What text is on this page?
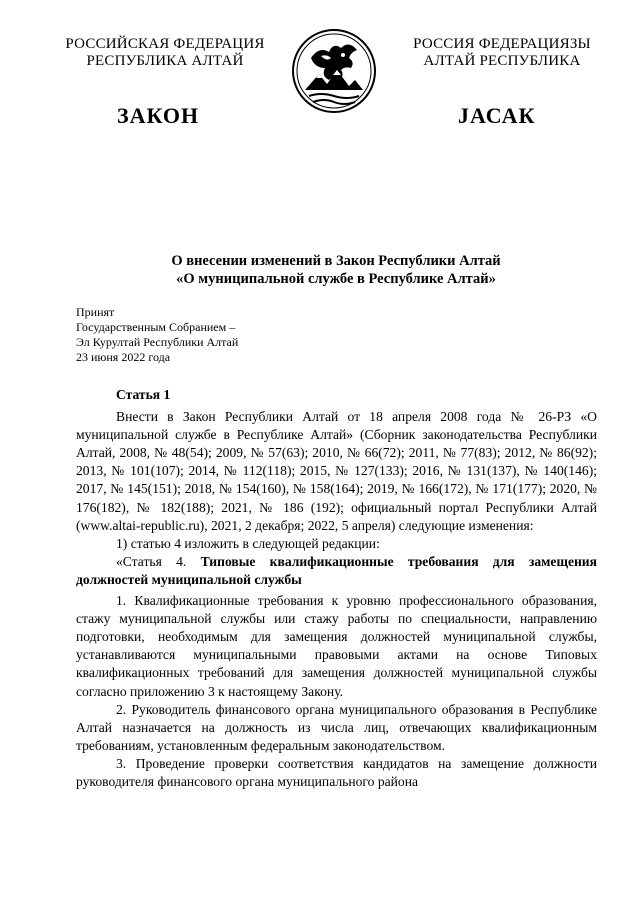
РОССИЙСКАЯ ФЕДЕРАЦИЯ
РЕСПУБЛИКА АЛТАЙ
РОССИЯ ФЕДЕРАЦИЯЗЫ
АЛТАЙ РЕСПУБЛИКА
ЗАКОН	ЈАСАК
О внесении изменений в Закон Республики Алтай
«О муниципальной службе в Республике Алтай»
Принят
Государственным Собранием –
Эл Курултай Республики Алтай
23 июня 2022 года

Статья 1

Внести в Закон Республики Алтай от 18 апреля 2008 года № 26-РЗ «О муниципальной службе в Республике Алтай» (Сборник законодательства Республики Алтай, 2008, № 48(54); 2009, № 57(63); 2010, № 66(72); 2011, № 77(83); 2012, № 86(92); 2013, № 101(107); 2014, № 112(118); 2015, № 127(133); 2016, № 131(137), № 140(146); 2017, № 145(151); 2018, № 154(160), № 158(164); 2019, № 166(172), № 171(177); 2020, № 176(182), № 182(188); 2021, № 186 (192); официальный портал Республики Алтай (www.altai-republic.ru), 2021, 2 декабря; 2022, 5 апреля) следующие изменения:

1) статью 4 изложить в следующей редакции:

«Статья 4. Типовые квалификационные требования для замещения должностей муниципальной службы

1. Квалификационные требования к уровню профессионального образования, стажу муниципальной службы или стажу работы по специальности, направлению подготовки, необходимым для замещения должностей муниципальной службы, устанавливаются муниципальными правовыми актами на основе Типовых квалификационных требований для замещения должностей муниципальной службы согласно приложению 3 к настоящему Закону.

2. Руководитель финансового органа муниципального образования в Республике Алтай назначается на должность из числа лиц, отвечающих квалификационным требованиям, установленным федеральным законодательством.

3. Проведение проверки соответствия кандидатов на замещение должности руководителя финансового органа муниципального района
